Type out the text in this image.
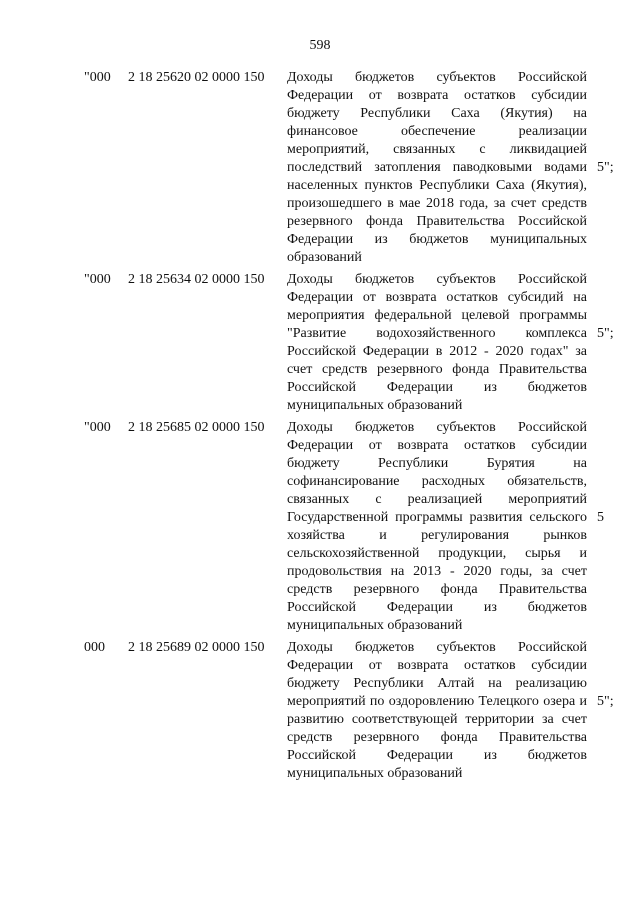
598
"000 2 18 25620 02 0000 150 Доходы бюджетов субъектов Российской Федерации от возврата остатков субсидии бюджету Республики Саха (Якутия) на финансовое обеспечение реализации мероприятий, связанных с ликвидацией последствий затопления паводковыми водами населенных пунктов Республики Саха (Якутия), произошедшего в мае 2018 года, за счет средств резервного фонда Правительства Российской Федерации из бюджетов муниципальных образований
5";
"000 2 18 25634 02 0000 150 Доходы бюджетов субъектов Российской Федерации от возврата остатков субсидий на мероприятия федеральной целевой программы "Развитие водохозяйственного комплекса Российской Федерации в 2012 - 2020 годах" за счет средств резервного фонда Правительства Российской Федерации из бюджетов муниципальных образований
5";
"000 2 18 25685 02 0000 150 Доходы бюджетов субъектов Российской Федерации от возврата остатков субсидии бюджету Республики Бурятия на софинансирование расходных обязательств, связанных с реализацией мероприятий Государственной программы развития сельского хозяйства и регулирования рынков сельскохозяйственной продукции, сырья и продовольствия на 2013 - 2020 годы, за счет средств резервного фонда Правительства Российской Федерации из бюджетов муниципальных образований
5
000 2 18 25689 02 0000 150 Доходы бюджетов субъектов Российской Федерации от возврата остатков субсидии бюджету Республики Алтай на реализацию мероприятий по оздоровлению Телецкого озера и развитию соответствующей территории за счет средств резервного фонда Правительства Российской Федерации из бюджетов муниципальных образований
5";
